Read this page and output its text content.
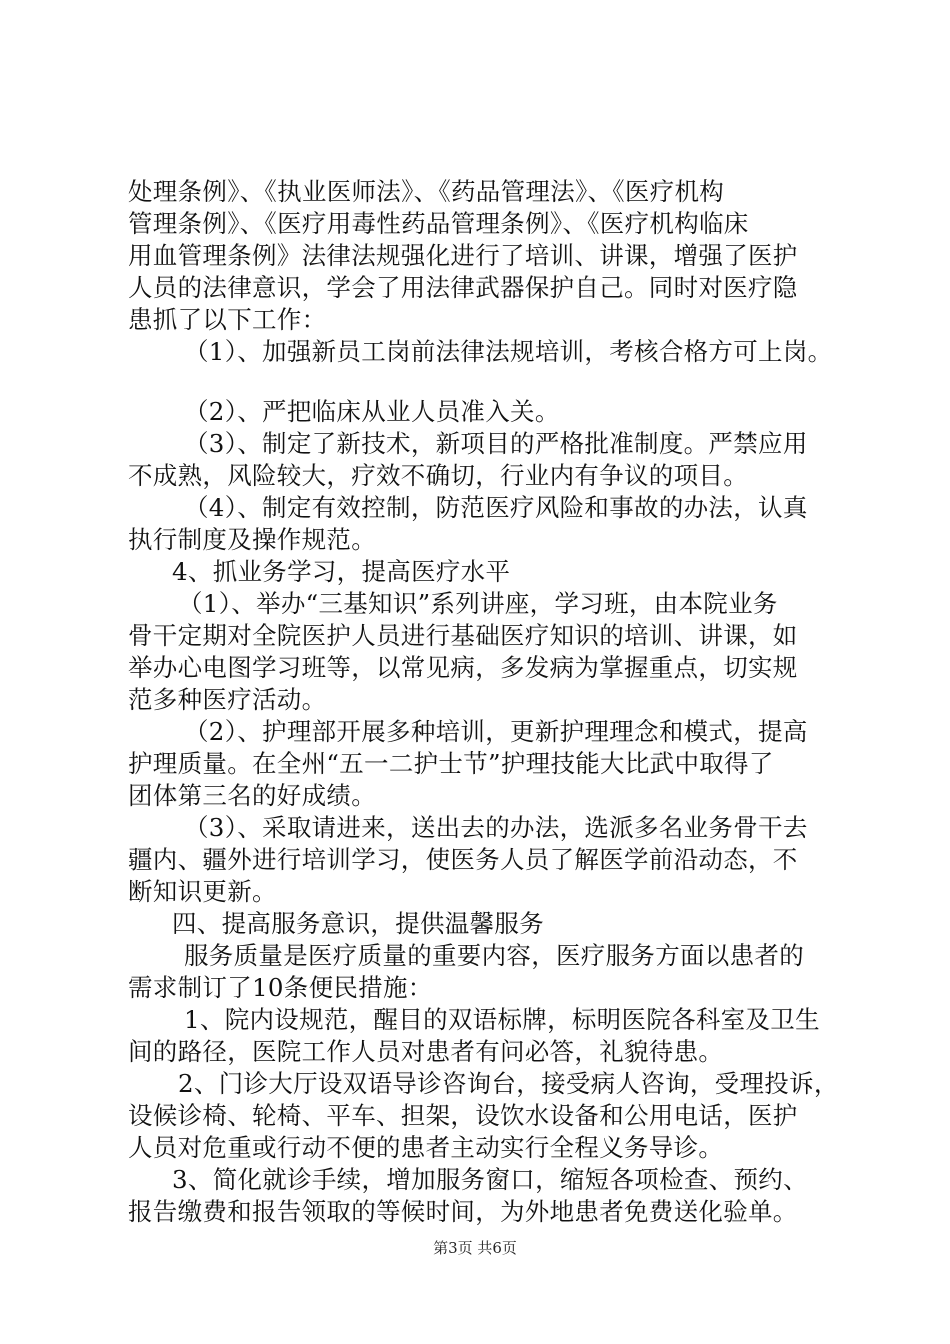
处理条例》、《执业医师法》、《药品管理法》、《医疗机构
管理条例》、《医疗用毒性药品管理条例》、《医疗机构临床
用血管理条例》法律法规强化进行了培训、讲课，增强了医护
人员的法律意识，学会了用法律武器保护自己。同时对医疗隐
患抓了以下工作：
（1）、加强新员工岗前法律法规培训，考核合格方可上岗。
（2）、严把临床从业人员准入关。
（3）、制定了新技术，新项目的严格批准制度。严禁应用
不成熟，风险较大，疗效不确切，行业内有争议的项目。
（4）、制定有效控制，防范医疗风险和事故的办法，认真
执行制度及操作规范。
4、抓业务学习，提高医疗水平
（1）、举办“三基知识”系列讲座，学习班，由本院业务
骨干定期对全院医护人员进行基础医疗知识的培训、讲课，如
举办心电图学习班等，以常见病，多发病为掌握重点，切实规
范多种医疗活动。
（2）、护理部开展多种培训，更新护理理念和模式，提高
护理质量。在全州“五一二护士节”护理技能大比武中取得了
团体第三名的好成绩。
（3）、采取请进来，送出去的办法，选派多名业务骨干去
疆内、疆外进行培训学习，使医务人员了解医学前沿动态，不
断知识更新。
四、提高服务意识，提供温馨服务
服务质量是医疗质量的重要内容，医疗服务方面以患者的
需求制订了10条便民措施：
1、院内设规范，醒目的双语标牌，标明医院各科室及卫生
间的路径，医院工作人员对患者有问必答，礼貌待患。
2、门诊大厅设双语导诊咨询台，接受病人咨询，受理投诉，
设候诊椅、轮椅、平车、担架，设饮水设备和公用电话，医护
人员对危重或行动不便的患者主动实行全程义务导诊。
3、简化就诊手续，增加服务窗口，缩短各项检查、预约、
报告缴费和报告领取的等候时间，为外地患者免费送化验单。
第3页 共6页
